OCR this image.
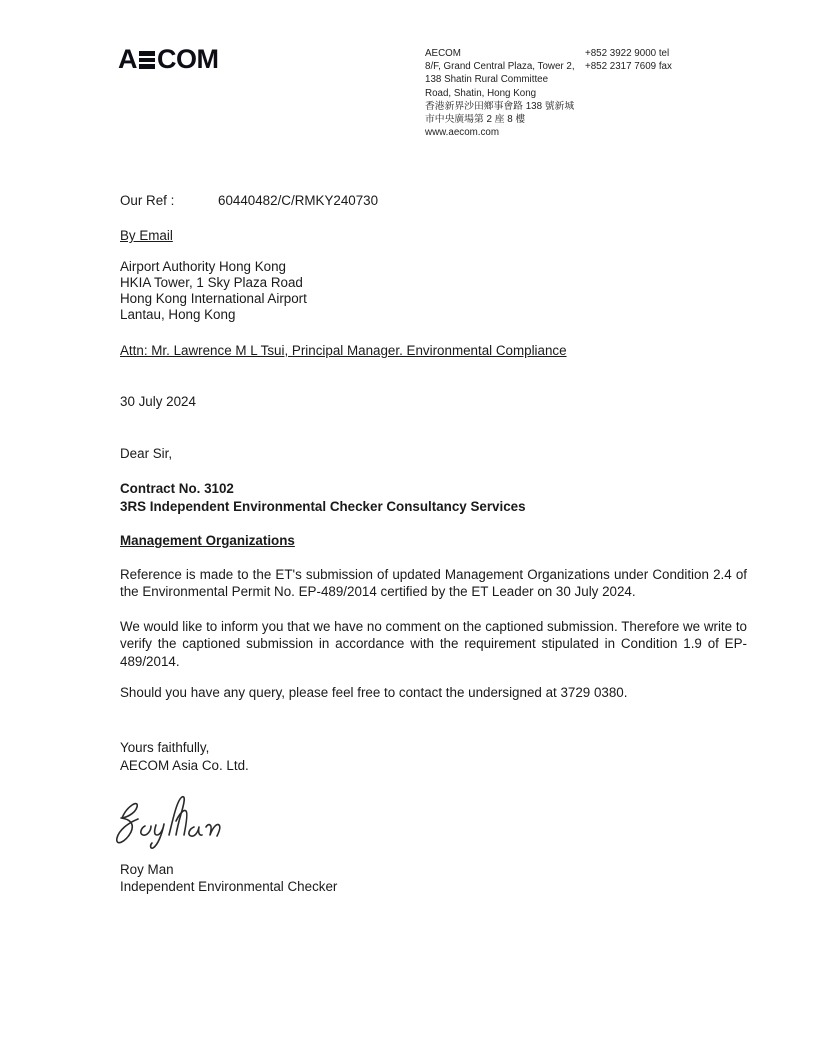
A COM	AECOM
8/F, Grand Central Plaza, Tower 2,
138 Shatin Rural Committee
Road, Shatin, Hong Kong
香港新界沙田鄉事會路 138 號新城
市中央廣場第 2 座 8 樓
www.aecom.com
+852 3922 9000 tel
+852 2317 7609 fax
Our Ref :	60440482/C/RMKY240730
By Email
Airport Authority Hong Kong
HKIA Tower, 1 Sky Plaza Road
Hong Kong International Airport
Lantau, Hong Kong
Attn: Mr. Lawrence M L Tsui, Principal Manager. Environmental Compliance
30 July 2024
Dear Sir,
Contract No. 3102
3RS Independent Environmental Checker Consultancy Services
Management Organizations
Reference is made to the ET's submission of updated Management Organizations under Condition 2.4 of the Environmental Permit No. EP-489/2014 certified by the ET Leader on 30 July 2024.
We would like to inform you that we have no comment on the captioned submission. Therefore we write to verify the captioned submission in accordance with the requirement stipulated in Condition 1.9 of EP-489/2014.
Should you have any query, please feel free to contact the undersigned at 3729 0380.
Yours faithfully,
AECOM Asia Co. Ltd.
Roy Man
Independent Environmental Checker
